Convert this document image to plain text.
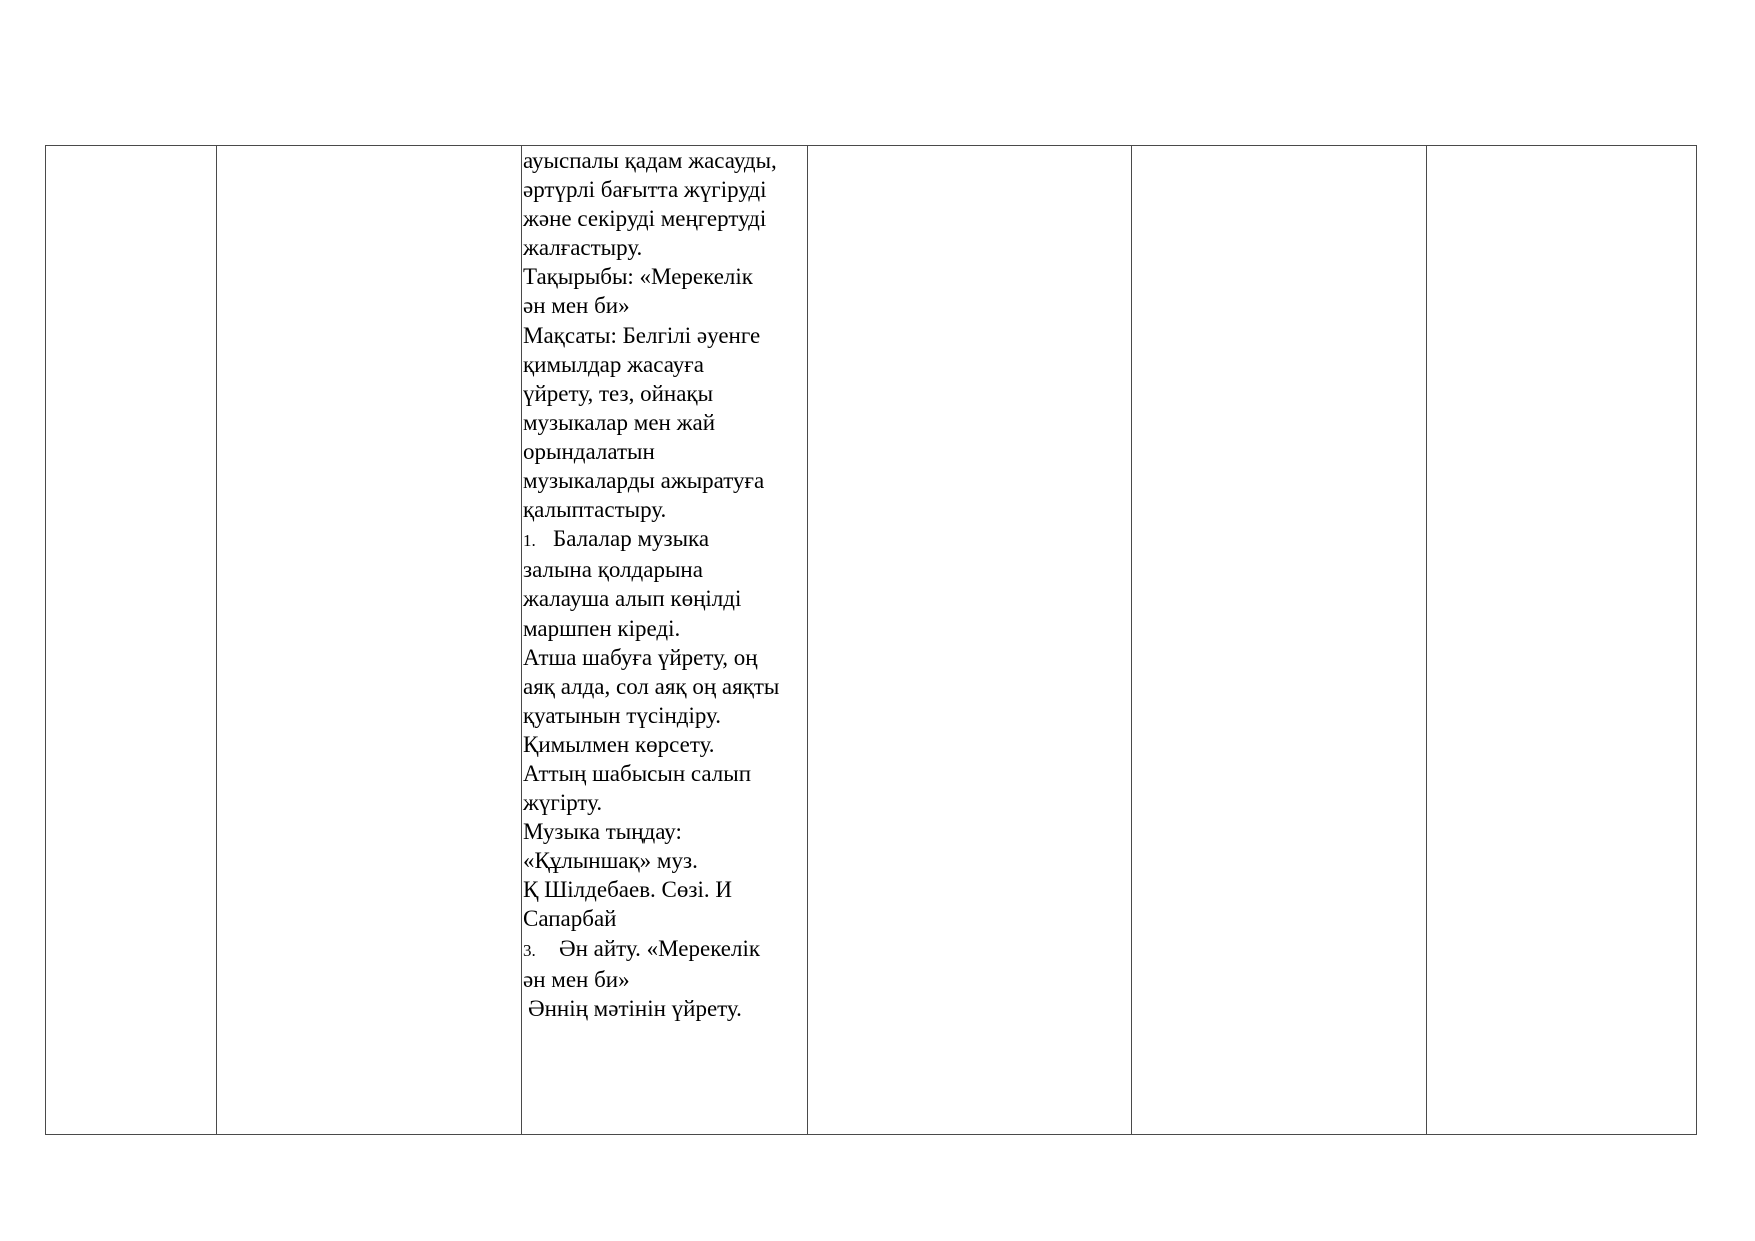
ауыспалы қадам жасауды,
әртүрлі бағытта жүгіруді
және секіруді меңгертуді
жалғастыру.
Тақырыбы: «Мерекелік
ән мен би»
Мақсаты: Белгілі әуенге
қимылдар жасауға
үйрету, тез, ойнақы
музыкалар мен жай
орындалатын
музыкаларды ажыратуға
қалыптастыру.
1. Балалар музыка
залына қолдарына
жалауша алып көңілді
маршпен кіреді.
Атша шабуға үйрету, оң
аяқ алда, сол аяқ оң аяқты
қуатынын түсіндіру.
Қимылмен көрсету.
Аттың шабысын салып
жүгірту.
Музыка тыңдау:
«Құлыншақ» муз.
Қ Шілдебаев. Сөзі. И
Сапарбай
3. Ән айту. «Мерекелік
ән мен би»
Әннің мәтінін үйрету.
